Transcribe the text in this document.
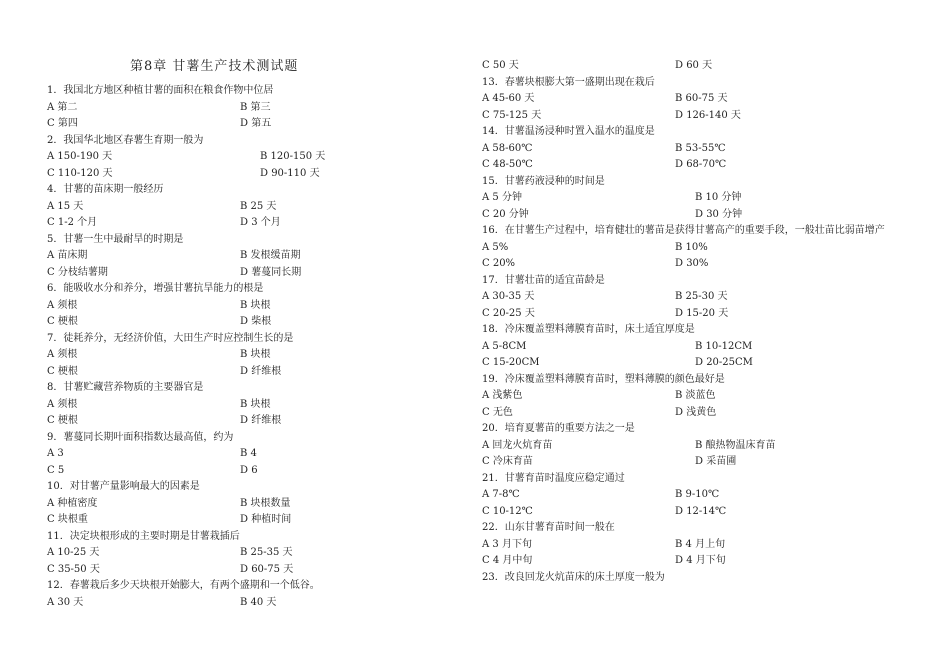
第8章 甘薯生产技术测试题
1．我国北方地区种植甘薯的面积在粮食作物中位居
A 第二	B 第三
C 第四	D 第五
2．我国华北地区春薯生育期一般为
A 150-190 天	B 120-150 天
C 110-120 天	D 90-110 天
4．甘薯的苗床期一般经历
A 15 天	B 25 天
C 1-2 个月	D 3 个月
5．甘薯一生中最耐旱的时期是
A 苗床期	B 发根缓苗期
C 分枝结薯期	D 薯蔓同长期
6．能吸收水分和养分，增强甘薯抗旱能力的根是
A 须根	B 块根
C 梗根	D 柴根
7．徒耗养分，无经济价值，大田生产时应控制生长的是
A 须根	B 块根
C 梗根	D 纤维根
8．甘薯贮藏营养物质的主要器官是
A 须根	B 块根
C 梗根	D 纤维根
9．薯蔓同长期叶面积指数达最高值，约为
A 3	B 4
C 5	D 6
10．对甘薯产量影响最大的因素是
A 种植密度	B 块根数量
C 块根重	D 种植时间
11．决定块根形成的主要时期是甘薯栽插后
A 10-25 天	B 25-35 天
C 35-50 天	D 60-75 天
12．春薯栽后多少天块根开始膨大，有两个盛期和一个低谷。
A 30 天	B 40 天
C 50 天	D 60 天
13．春薯块根膨大第一盛期出现在栽后
A 45-60 天	B 60-75 天
C 75-125 天	D 126-140 天
14．甘薯温汤浸种时置入温水的温度是
A 58-60℃	B 53-55℃
C 48-50℃	D 68-70℃
15．甘薯药液浸种的时间是
A 5 分钟	B 10 分钟
C 20 分钟	D 30 分钟
16．在甘薯生产过程中，培育健壮的薯苗是获得甘薯高产的重要手段，一般壮苗比弱苗增产
A 5%	B 10%
C 20%	D 30%
17．甘薯壮苗的适宜苗龄是
A 30-35 天	B 25-30 天
C 20-25 天	D 15-20 天
18．冷床覆盖塑料薄膜育苗时，床土适宜厚度是
A 5-8CM	B 10-12CM
C 15-20CM	D 20-25CM
19．冷床覆盖塑料薄膜育苗时，塑料薄膜的颜色最好是
A 浅紫色	B 淡蓝色
C 无色	D 浅黄色
20．培育夏薯苗的重要方法之一是
A 回龙火炕育苗	B 酿热物温床育苗
C 冷床育苗	D 采苗圃
21．甘薯育苗时温度应稳定通过
A 7-8℃	B 9-10℃
C 10-12℃	D 12-14℃
22．山东甘薯育苗时间一般在
A 3 月下旬	B 4 月上旬
C 4 月中旬	D 4 月下旬
23．改良回龙火炕苗床的床土厚度一般为
